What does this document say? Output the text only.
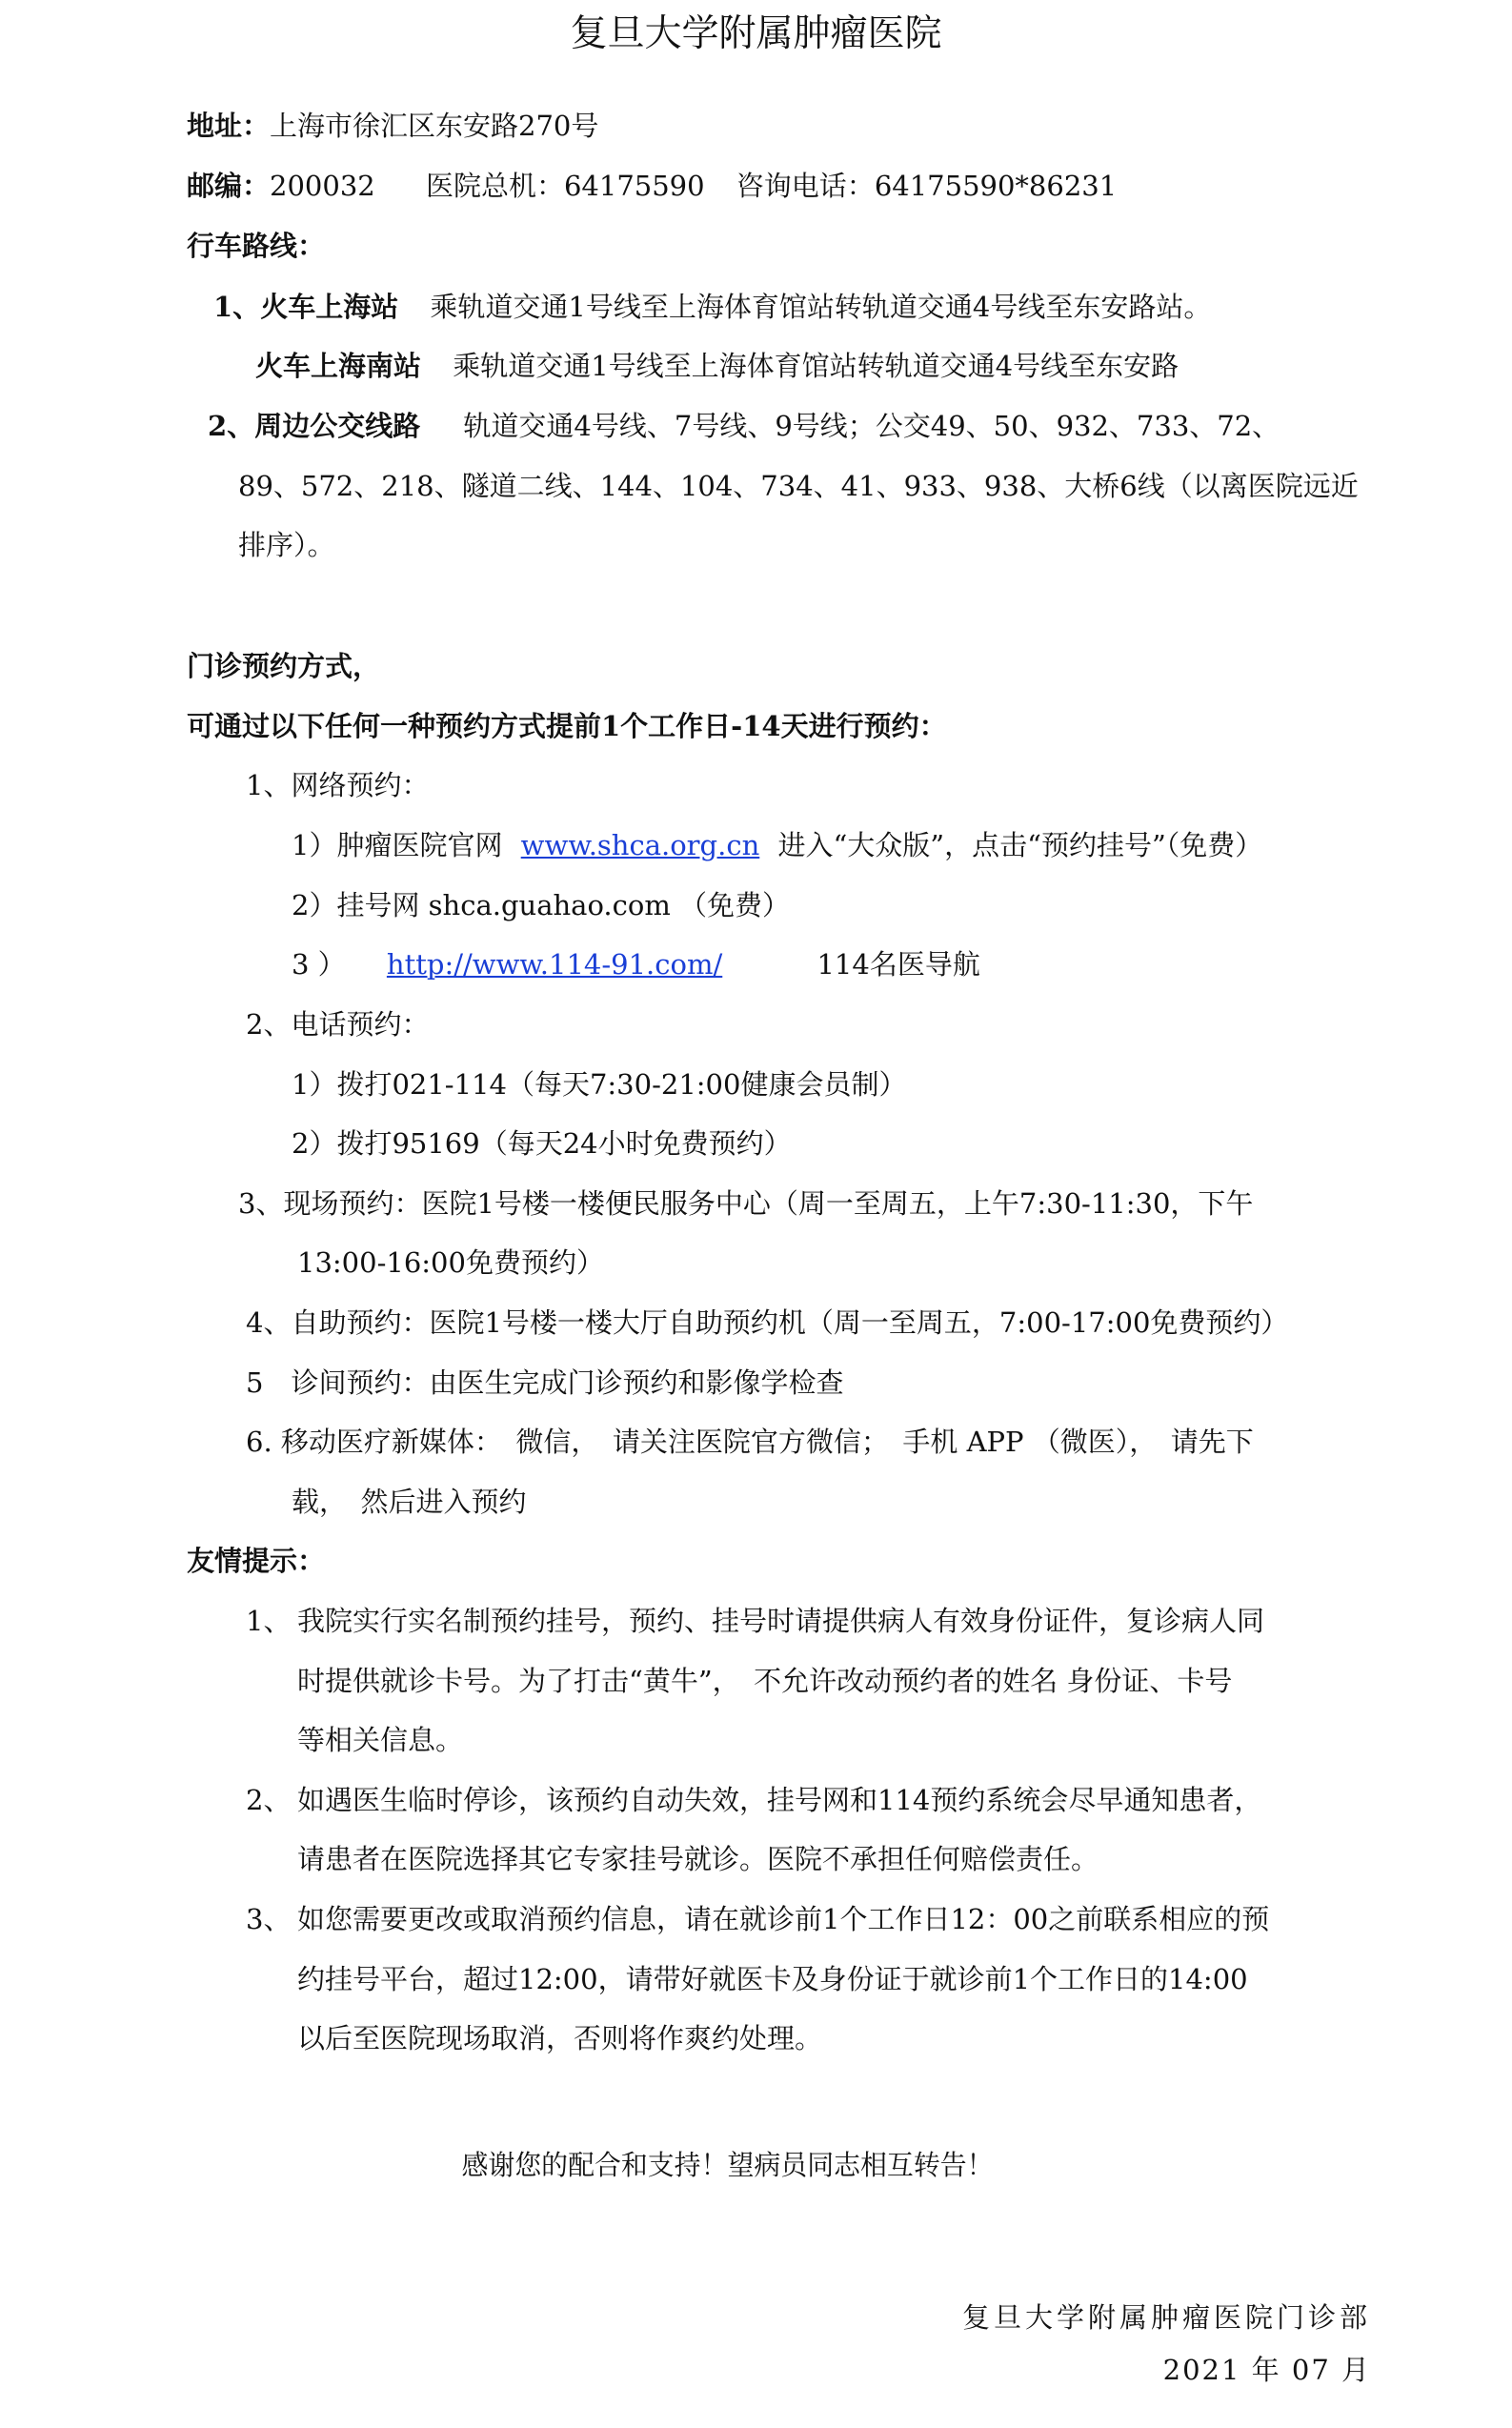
复旦大学附属肿瘤医院
地址：上海市徐汇区东安路270号
邮编：200032 医院总机：64175590 咨询电话：64175590*86231
行车路线：
1、火车上海站 乘轨道交通1号线至上海体育馆站转轨道交通4号线至东安路站。
火车上海南站 乘轨道交通1号线至上海体育馆站转轨道交通4号线至东安路
2、周边公交线路 轨道交通4号线、7号线、9号线；公交49、50、932、733、72、
89、572、218、隧道二线、144、104、734、41、933、938、大桥6线（以离医院远近
排序）。
门诊预约方式，
可通过以下任何一种预约方式提前1个工作日-14天进行预约：
1、网络预约：
1）肿瘤医院官网 www.shca.org.cn 进入“大众版”，点击“预约挂号”（免费）
2）挂号网 shca.guahao.com （免费）
3 ） http://www.114-91.com/	114名医导航
2、电话预约：
1）拨打021-114（每天7:30-21:00健康会员制）
2）拨打95169（每天24小时免费预约）
3、现场预约：医院1号楼一楼便民服务中心（周一至周五，上午7:30-11:30，下午
13:00-16:00免费预约）
4、自助预约：医院1号楼一楼大厅自助预约机（周一至周五，7:00-17:00免费预约）
5　诊间预约：由医生完成门诊预约和影像学检查
6. 移动医疗新媒体：　微信，　请关注医院官方微信；　手机 APP （微医），　请先下
载，　然后进入预约
友情提示：
1、 我院实行实名制预约挂号，预约、挂号时请提供病人有效身份证件，复诊病人同
时提供就诊卡号。为了打击“黄牛”，　不允许改动预约者的姓名 身份证、卡号
等相关信息。
2、 如遇医生临时停诊，该预约自动失效，挂号网和114预约系统会尽早通知患者，
请患者在医院选择其它专家挂号就诊。医院不承担任何赔偿责任。
3、 如您需要更改或取消预约信息，请在就诊前1个工作日12：00之前联系相应的预
约挂号平台，超过12:00，请带好就医卡及身份证于就诊前1个工作日的14:00
以后至医院现场取消，否则将作爽约处理。
感谢您的配合和支持！望病员同志相互转告！
复旦大学附属肿瘤医院门诊部
2021 年 07 月
